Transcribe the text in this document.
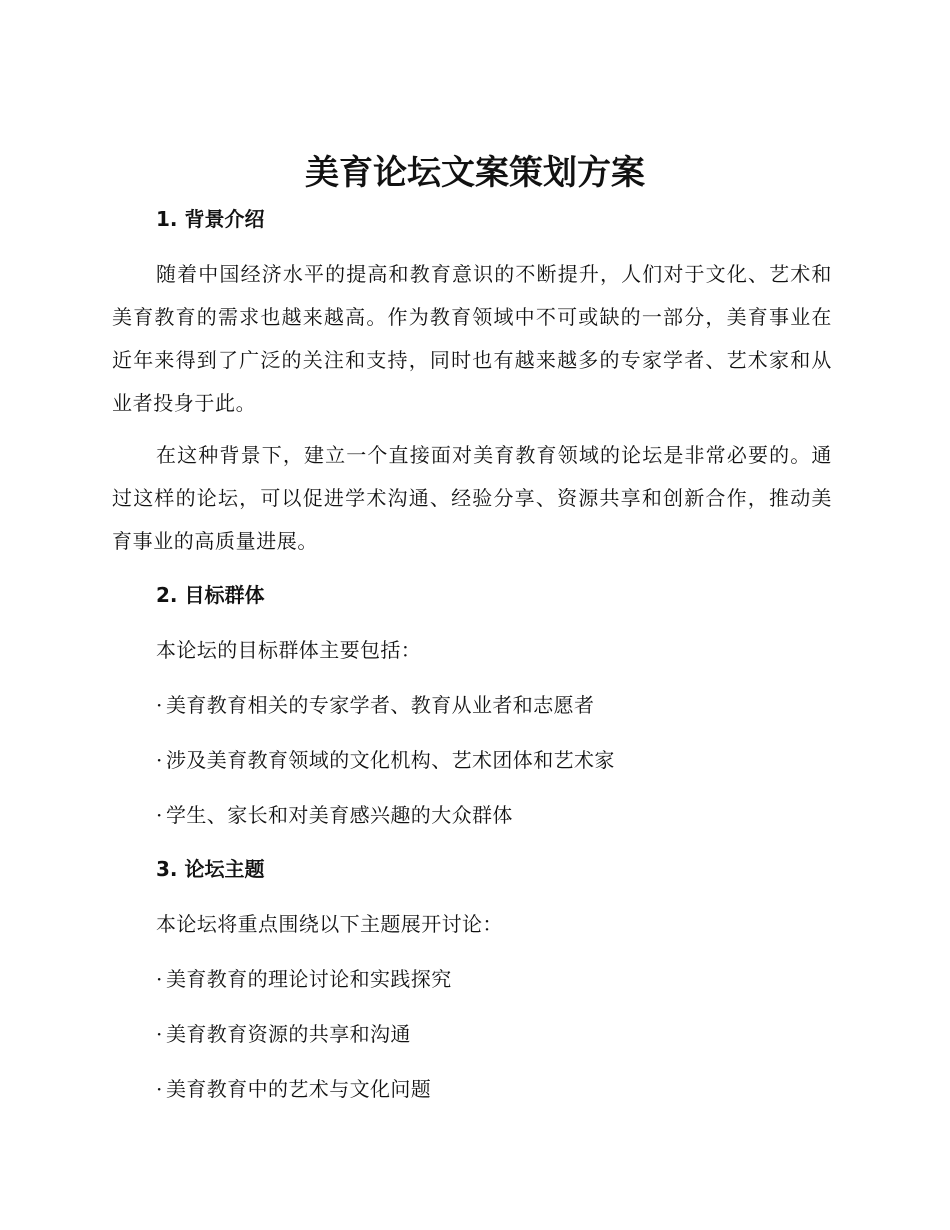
美育论坛文案策划方案
1. 背景介绍
随着中国经济水平的提高和教育意识的不断提升，人们对于文化、艺术和美育教育的需求也越来越高。作为教育领域中不可或缺的一部分，美育事业在近年来得到了广泛的关注和支持，同时也有越来越多的专家学者、艺术家和从业者投身于此。
在这种背景下，建立一个直接面对美育教育领域的论坛是非常必要的。通过这样的论坛，可以促进学术沟通、经验分享、资源共享和创新合作，推动美育事业的高质量进展。
2. 目标群体
本论坛的目标群体主要包括：
· 美育教育相关的专家学者、教育从业者和志愿者
· 涉及美育教育领域的文化机构、艺术团体和艺术家
· 学生、家长和对美育感兴趣的大众群体
3. 论坛主题
本论坛将重点围绕以下主题展开讨论：
· 美育教育的理论讨论和实践探究
· 美育教育资源的共享和沟通
· 美育教育中的艺术与文化问题
